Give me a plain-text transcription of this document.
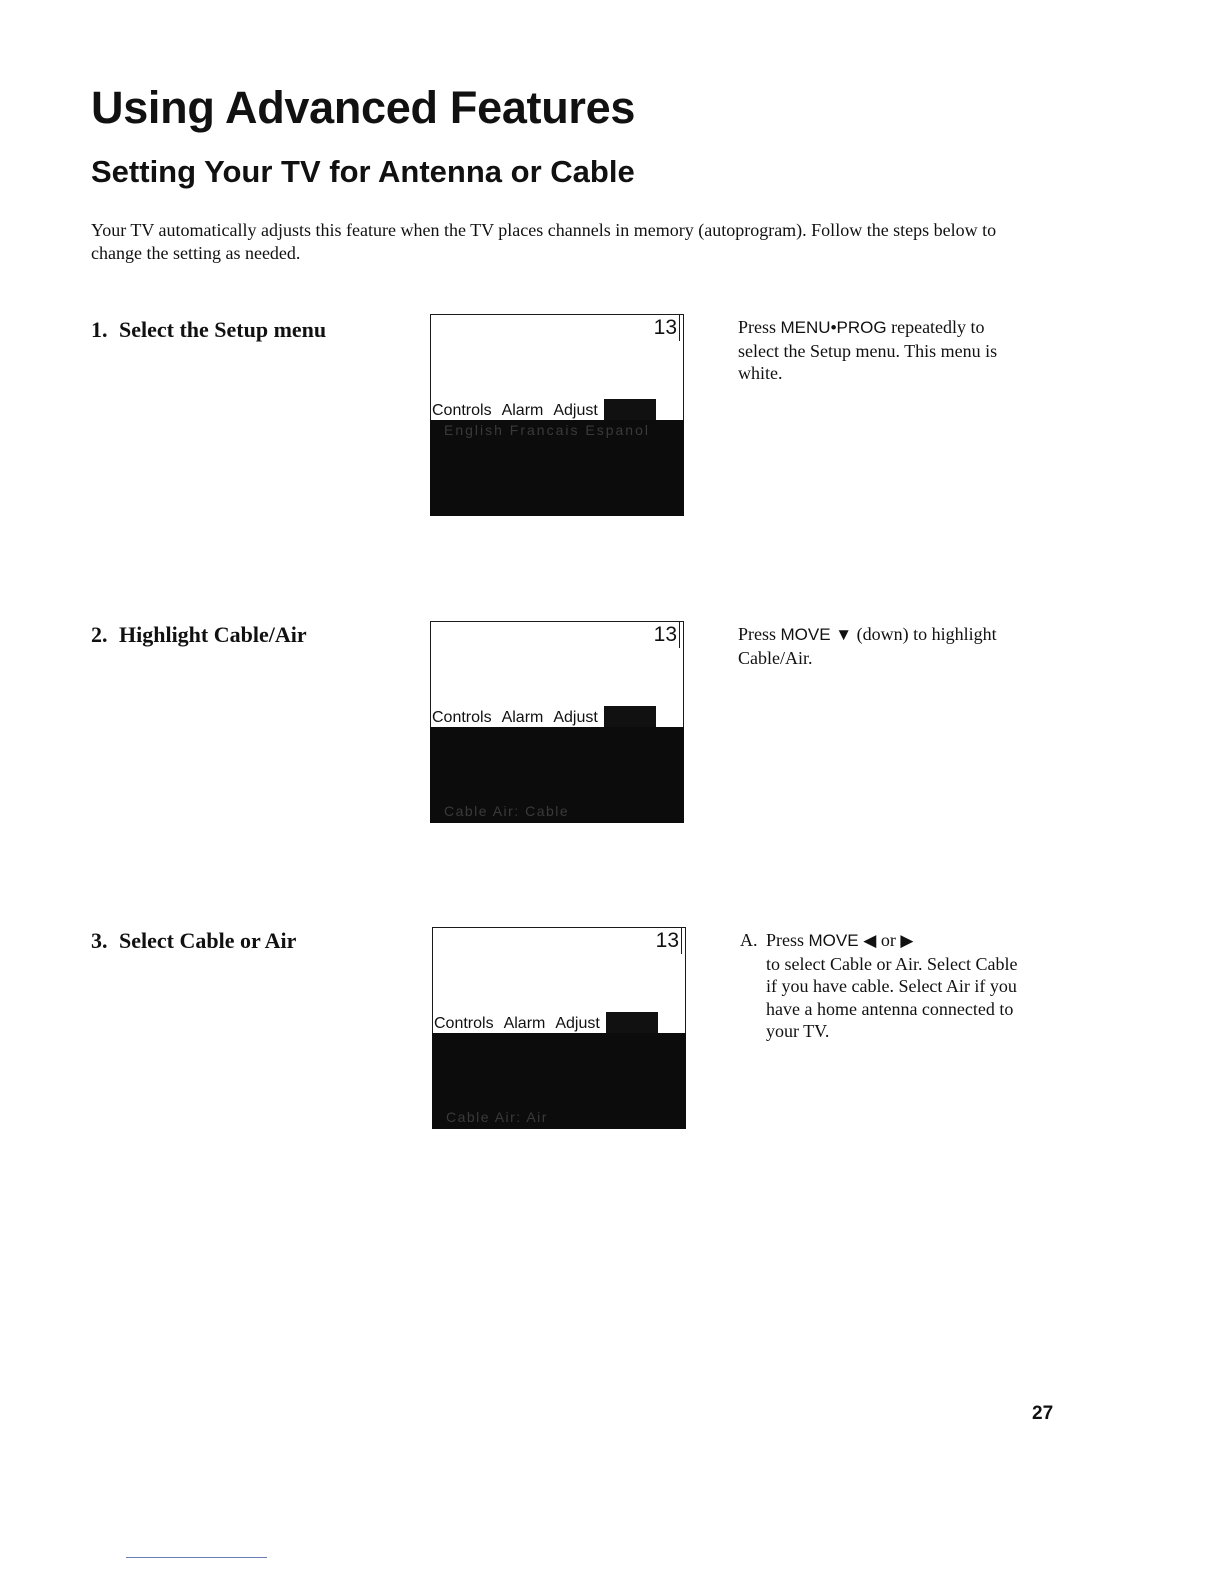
Using Advanced Features
Setting Your TV for Antenna or Cable

Your TV automatically adjusts this feature when the TV places channels in memory (autoprogram). Follow the steps below to change the setting as needed.

1. Select the Setup menu	13
Controls Alarm Adjust
English Francais Espanol

Press MENU•PROG repeatedly to select the Setup menu. This menu is white.

2. Highlight Cable/Air	13
Controls Alarm Adjust
Cable Air: Cable

Press MOVE ▼ (down) to highlight Cable/Air.

3. Select Cable or Air	13
Controls Alarm Adjust
Cable Air: Air
A. Press MOVE ◀ or ▶
to select Cable or Air. Select Cable if you have cable. Select Air if you have a home antenna connected to your TV.

27
